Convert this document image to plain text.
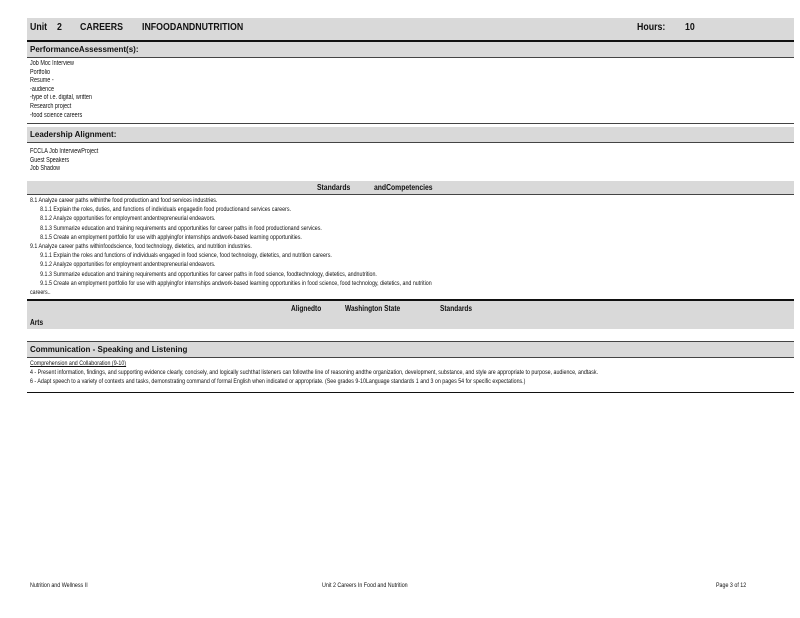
Unit 2 CAREERS INFOODANDNUTRITION	Hours: 10
PerformanceAssessment(s):
Job Moc Interview
Portfolio
Resume -
-audience
-type of i.e. digital, written
Research project
-food science careers
Leadership Alignment:
FCCLA Job InterviewProject
Guest Speakers
Job Shadow
Standards	andCompetencies
8.1 Analyze career paths withinthe food production and food services industries.
8.1.1 Explain the roles, duties, and functions of individuals engagedin food productionand services careers.
8.1.2 Analyze opportunities for employment andentrepreneurial endeavors.
8.1.3 Summarize education and training requirements and opportunities for career paths in food productionand services.
8.1.5 Create an employment portfolio for use with applyingfor internships andwork-based learning opportunities.
9.1 Analyze career paths withinfoodscience, food technology, dietetics, and nutrition industries.
9.1.1 Explain the roles and functions of individuals engaged in food science, food technology, dietetics, and nutrition careers.
9.1.2 Analyze opportunities for employment andentrepreneurial endeavors.
9.1.3 Summarize education and training requirements and opportunities for career paths in food science, foodtechnology, dietetics, andnutrition.
9.1.5 Create an employment portfolio for use with applyingfor internships andwork-based learning opportunities in food science, food technology, dietetics, and nutrition
careers..
Alignedto	Washington State	Standards
Arts
Communication - Speaking and Listening
Comprehension and Collaboration (9-10)
4 - Present information, findings, and supporting evidence clearly, concisely, and logically suchthat listeners can followthe line of reasoning andthe organization, development, substance, and style are appropriate to purpose, audience, andtask.
6 - Adapt speech to a variety of contexts and tasks, demonstrating command of formal English when indicated or appropriate. (See grades 9-10Language standards 1 and 3 on pages 54 for specific expectations.)
Nutrition and Wellness II	Unit 2 Careers In Food and Nutrition	Page 3 of 12
